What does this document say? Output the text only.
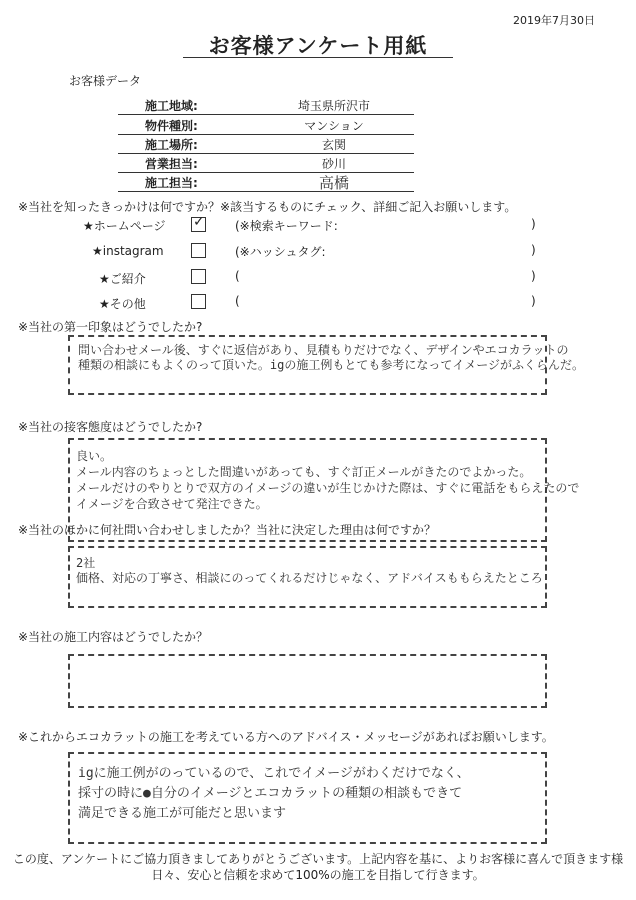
2019年7月30日
お客様アンケート用紙
お客様データ
施工地域:	埼玉県所沢市
物件種別:	マンション
施工場所:	玄関
営業担当:	砂川
施工担当:	高橋
※当社を知ったきっかけは何ですか？※該当するものにチェック、詳細ご記入お願いします。
★ホームページ ✓	(※検索キーワード:	)
★instagram	(※ハッシュタグ:	)
★ご紹介	(	)
★その他	(	)
※当社の第一印象はどうでしたか?
問い合わせメール後、すぐに返信があり、見積もりだけでなく、デザインやエコカラットの
種類の相談にもよくのって頂いた。igの施工例もとても参考になってイメージがふくらんだ。
※当社の接客態度はどうでしたか?
良い。
メール内容のちょっとした間違いがあっても、すぐ訂正メールがきたのでよかった。
メールだけのやりとりで双方のイメージの違いが生じかけた際は、すぐに電話をもらえたので
イメージを合致させて発注できた。
※当社のほかに何社問い合わせしましたか？当社に決定した理由は何ですか？
2社
価格、対応の丁寧さ、相談にのってくれるだけじゃなく、アドバイスももらえたところ
※当社の施工内容はどうでしたか？
※これからエコカラットの施工を考えている方へのアドバイス・メッセージがあればお願いします。
igに施工例がのっているので、これでイメージがわくだけでなく、
採寸の時に●自分のイメージとエコカラットの種類の相談もできて
満足できる施工が可能だと思います
この度、アンケートにご協力頂きましてありがとうございます。上記内容を基に、よりお客様に喜んで頂きます様
日々、安心と信頼を求めて100%の施工を目指して行きます。
